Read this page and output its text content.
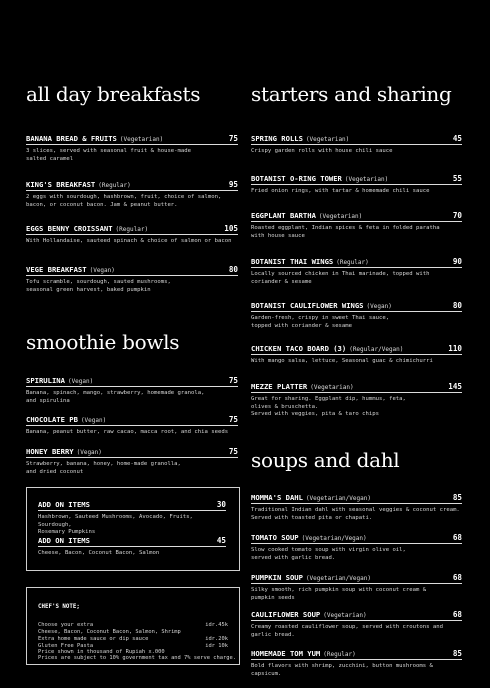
all day breakfasts
BANANA BREAD & FRUITS (Vegetarian)	75
3 slices, served with seasonal fruit & house-made
salted caramel
KING'S BREAKFAST (Regular)	95
2 eggs with sourdough, hashbrown, fruit, choice of salmon,
bacon, or coconut bacon. Jam & peanut butter.
EGGS BENNY CROISSANT (Regular)	105
With Hollandaise, sauteed spinach & choice of salmon or bacon
VEGE BREAKFAST (Vegan)	80
Tofu scramble, sourdough, sauted mushrooms,
seasonal green harvest, baked pumpkin
smoothie bowls
SPIRULINA (Vegan)	75
Banana, spinach, mango, strawberry, homemade granola,
and spirulina
CHOCOLATE PB (Vegan)	75
Banana, peanut butter, raw cacao, macca root, and chia seeds
HONEY BERRY (Vegan)	75
Strawberry, banana, honey, home-made granolla,
and dried coconut
ADD ON ITEMS	30
Hashbrown, Sauteed Mushrooms, Avocado, Fruits, Sourdough,
Rosemary Pumpkins
ADD ON ITEMS	45
Cheese, Bacon, Coconut Bacon, Salmon
CHEF'S NOTE;
Choose your extra	idr.45k
Cheese, Bacon, Coconut Bacon, Salmon, Shrimp
Extra home made sauce or dip sauce	idr.20k
Gluten Free Pasta	idr 10k
Price shown in thousand of Rupiah x.000
Prices are subject to 10% government tax and 7% serve charge.
starters and sharing
SPRING ROLLS (Vegetarian)	45
Crispy garden rolls with house chili sauce
BOTANIST O-RING TOWER (Vegetarian)	55
Fried onion rings, with tartar & homemade chili sauce
EGGPLANT BARTHA (Vegetarian)	70
Roasted eggplant, Indian spices & feta in folded paratha
with house sauce
BOTANIST THAI WINGS (Regular)	90
Locally sourced chicken in Thai marinade, topped with
coriander & sesame
BOTANIST CAULIFLOWER WINGS (Vegan)	80
Garden-fresh, crispy in sweet Thai sauce,
topped with coriander & sesame
CHICKEN TACO BOARD (3) (Regular/Vegan)	110
With mango salsa, lettuce, Seasonal guac & chimichurri
MEZZE PLATTER (Vegetarian)	145
Great for sharing. Eggplant dip, hummus, feta,
olives & bruschetta.
Served with veggies, pita & taro chips
soups and dahl
MOMMA'S DAHL (Vegetarian/Vegan)	85
Traditional Indian dahl with seasonal veggies & coconut cream.
Served with toasted pita or chapati.
TOMATO SOUP (Vegetarian/Vegan)	68
Slow cooked tomato soup with virgin olive oil,
served with garlic bread.
PUMPKIN SOUP (Vegetarian/Vegan)	68
Silky smooth, rich pumpkin soup with coconut cream &
pumpkin seeds
CAULIFLOWER SOUP (Vegetarian)	68
Creamy roasted cauliflower soup, served with croutons and
garlic bread.
HOMEMADE TOM YUM (Regular)	85
Bold flavors with shrimp, zucchini, button mushrooms & capsicum.
